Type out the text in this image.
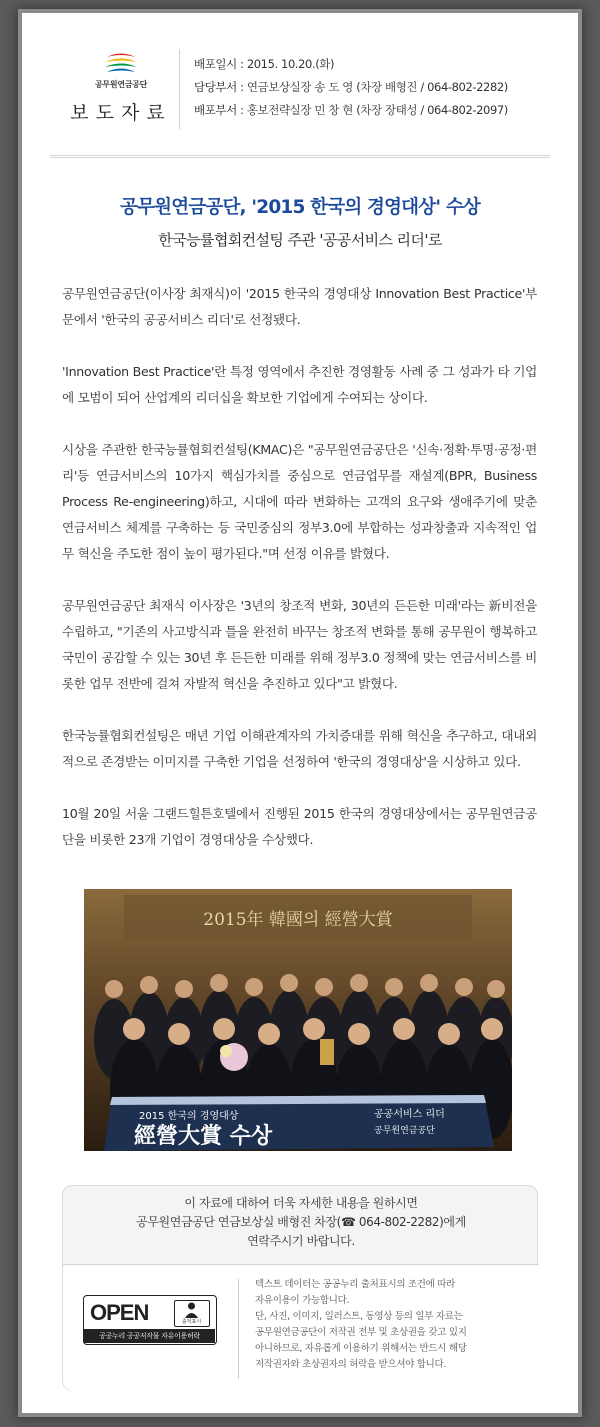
공무원연금공단
보도자료
배포일시 : 2015. 10.20.(화)
담당부서 : 연금보상실장 송 도 영 (차장 배형진 / 064-802-2282)
배포부서 : 홍보전략실장 민 창 현 (차장 장태성 / 064-802-2097)
공무원연금공단, '2015 한국의 경영대상' 수상
한국능률협회컨설팅 주관 '공공서비스 리더'로

공무원연금공단(이사장 최재식)이 '2015 한국의 경영대상 Innovation Best Practice'부문에서 '한국의 공공서비스 리더'로 선정됐다.

'Innovation Best Practice'란 특정 영역에서 추진한 경영활동 사례 중 그 성과가 타 기업에 모범이 되어 산업계의 리더십을 확보한 기업에게 수여되는 상이다.

시상을 주관한 한국능률협회컨설팅(KMAC)은 "공무원연금공단은 '신속·정확·투명·공정·편리'등 연금서비스의 10가지 핵심가치를 중심으로 연금업무를 재설계(BPR, Business Process Re-engineering)하고, 시대에 따라 변화하는 고객의 요구와 생애주기에 맞춘 연금서비스 체계를 구축하는 등 국민중심의 정부3.0에 부합하는 성과창출과 지속적인 업무 혁신을 주도한 점이 높이 평가된다."며 선정 이유를 밝혔다.

공무원연금공단 최재식 이사장은 '3년의 창조적 변화, 30년의 든든한 미래'라는 新비전을 수립하고, "기존의 사고방식과 틀을 완전히 바꾸는 창조적 변화를 통해 공무원이 행복하고 국민이 공감할 수 있는 30년 후 든든한 미래를 위해 정부3.0 정책에 맞는 연금서비스를 비롯한 업무 전반에 걸쳐 자발적 혁신을 추진하고 있다"고 밝혔다.

한국능률협회컨설팅은 매년 기업 이해관계자의 가치증대를 위해 혁신을 추구하고, 대내외적으로 존경받는 이미지를 구축한 기업을 선정하여 '한국의 경영대상'을 시상하고 있다.

10월 20일 서울 그랜드힐튼호텔에서 진행된 2015 한국의 경영대상에서는 공무원연금공단을 비롯한 23개 기업이 경영대상을 수상했다.

2015年 韓國의 經營大賞
2015 한국의 경영대상
經營大賞 수상
공공서비스 리더
공무원연금공단
이 자료에 대하여 더욱 자세한 내용을 원하시면
공무원연금공단 연금보상실 배형진 차장(☎ 064-802-2282)에게
연락주시기 바랍니다.
OPEN	출처표시
공공누리 공공저작물 자유이용허락
텍스트 데이터는 공공누리 출처표시의 조건에 따라
자유이용이 가능합니다.
단, 사진, 이미지, 일러스트, 동영상 등의 일부 자료는
공무원연금공단이 저작권 전부 및 초상권을 갖고 있지
아니하므로, 자유롭게 이용하기 위해서는 반드시 해당
저작권자와 초상권자의 허락을 받으셔야 합니다.
